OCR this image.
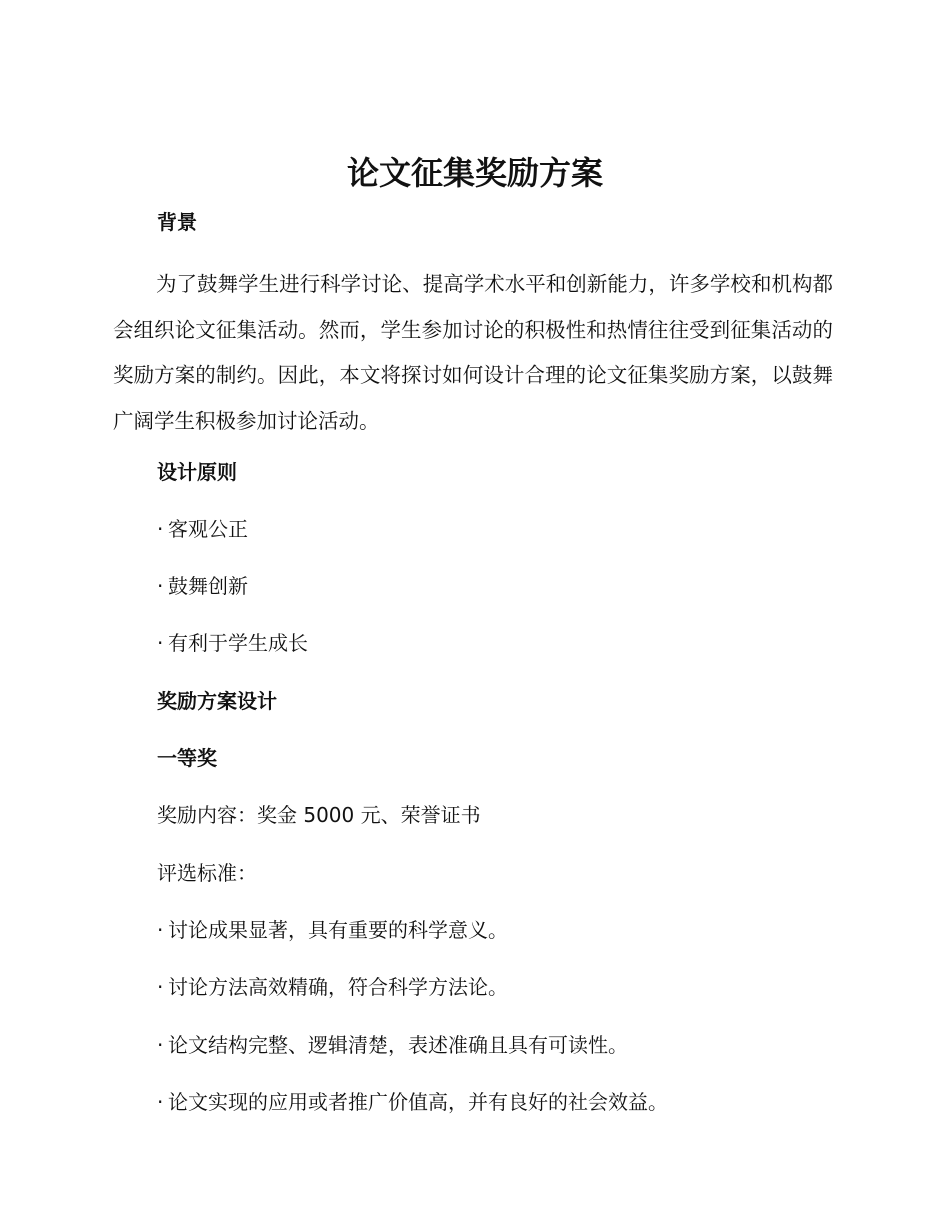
论文征集奖励方案
背景

为了鼓舞学生进行科学讨论、提高学术水平和创新能力，许多学校和机构都会组织论文征集活动。然而，学生参加讨论的积极性和热情往往受到征集活动的奖励方案的制约。因此，本文将探讨如何设计合理的论文征集奖励方案，以鼓舞广阔学生积极参加讨论活动。

设计原则
· 客观公正
· 鼓舞创新
· 有利于学生成长
奖励方案设计
一等奖
奖励内容：奖金 5000 元、荣誉证书
评选标准：
· 讨论成果显著，具有重要的科学意义。
· 讨论方法高效精确，符合科学方法论。
· 论文结构完整、逻辑清楚，表述准确且具有可读性。
· 论文实现的应用或者推广价值高，并有良好的社会效益。
